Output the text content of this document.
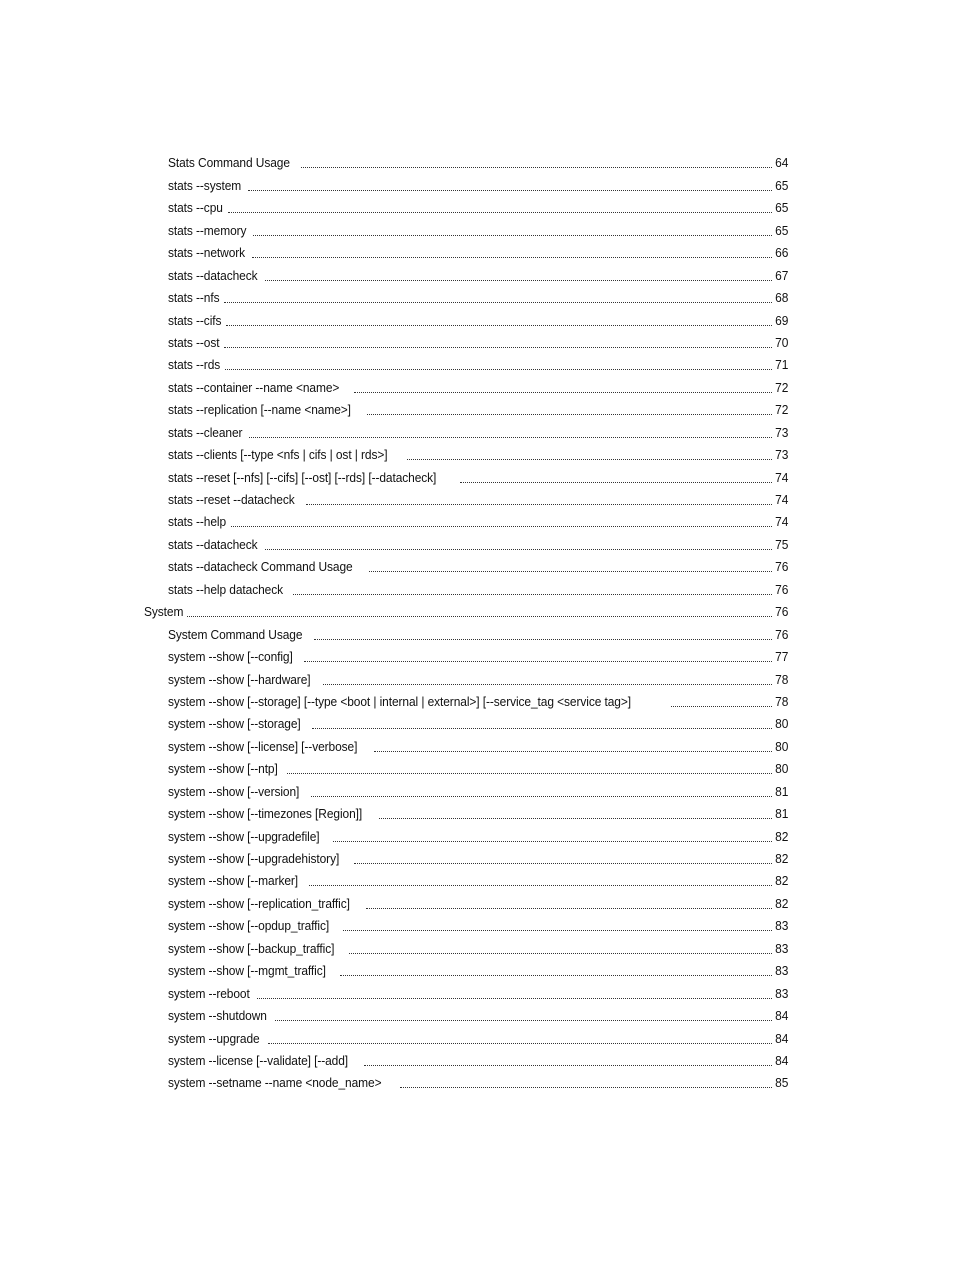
Stats Command Usage	64
stats --system	65
stats --cpu	65
stats --memory	65
stats --network	66
stats --datacheck	67
stats --nfs	68
stats --cifs	69
stats --ost	70
stats --rds	71
stats --container --name <name>	72
stats --replication [--name <name>]	72
stats --cleaner	73
stats --clients [--type <nfs | cifs | ost | rds>]	73
stats --reset [--nfs] [--cifs] [--ost] [--rds] [--datacheck]	74
stats --reset --datacheck	74
stats --help	74
stats --datacheck	75
stats --datacheck Command Usage	76
stats --help datacheck	76
System	76
System Command Usage	76
system --show [--config]	77
system --show [--hardware]	78
system --show [--storage] [--type <boot | internal | external>] [--service_tag <service tag>]	78
system --show [--storage]	80
system --show [--license] [--verbose]	80
system --show [--ntp]	80
system --show [--version]	81
system --show [--timezones [Region]]	81
system --show [--upgradefile]	82
system --show [--upgradehistory]	82
system --show [--marker]	82
system --show [--replication_traffic]	82
system --show [--opdup_traffic]	83
system --show [--backup_traffic]	83
system --show [--mgmt_traffic]	83
system --reboot	83
system --shutdown	84
system --upgrade	84
system --license [--validate] [--add]	84
system --setname --name <node_name>	85
